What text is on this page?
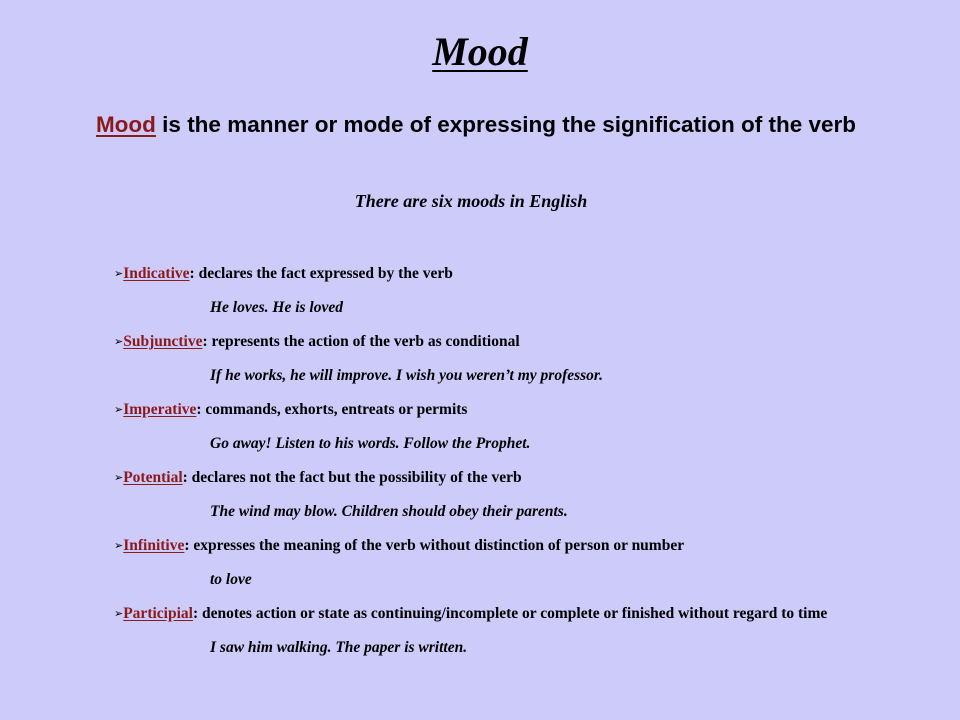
Mood
Mood is the manner or mode of expressing the signification of the verb
There are six moods in English
➢Indicative: declares the fact expressed by the verb
He loves. He is loved
➢Subjunctive: represents the action of the verb as conditional
If he works, he will improve. I wish you weren’t my professor.
➢Imperative: commands, exhorts, entreats or permits
Go away! Listen to his words. Follow the Prophet.
➢Potential: declares not the fact but the possibility of the verb
The wind may blow. Children should obey their parents.
➢Infinitive: expresses the meaning of the verb without distinction of person or number
to love
➢Participial: denotes action or state as continuing/incomplete or complete or finished without regard to time
I saw him walking. The paper is written.
